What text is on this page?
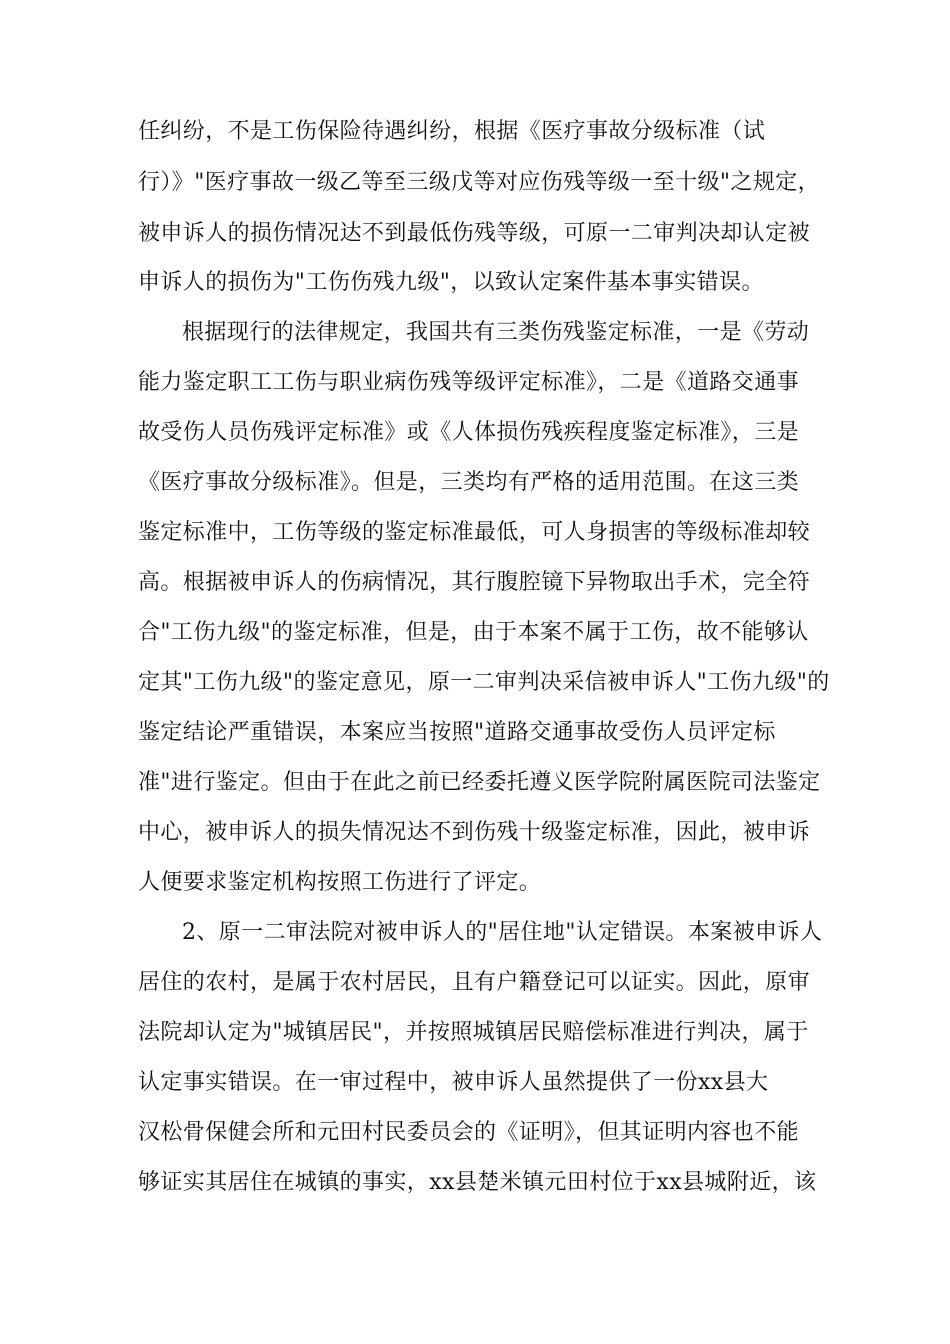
任纠纷，不是工伤保险待遇纠纷，根据《医疗事故分级标准（试
行）》"医疗事故一级乙等至三级戊等对应伤残等级一至十级"之规定，
被申诉人的损伤情况达不到最低伤残等级，可原一二审判决却认定被
申诉人的损伤为"工伤伤残九级"，以致认定案件基本事实错误。
根据现行的法律规定，我国共有三类伤残鉴定标准，一是《劳动
能力鉴定职工工伤与职业病伤残等级评定标准》，二是《道路交通事
故受伤人员伤残评定标准》或《人体损伤残疾程度鉴定标准》，三是
《医疗事故分级标准》。但是，三类均有严格的适用范围。在这三类
鉴定标准中，工伤等级的鉴定标准最低，可人身损害的等级标准却较
高。根据被申诉人的伤病情况，其行腹腔镜下异物取出手术，完全符
合"工伤九级"的鉴定标准，但是，由于本案不属于工伤，故不能够认
定其"工伤九级"的鉴定意见，原一二审判决采信被申诉人"工伤九级"的
鉴定结论严重错误，本案应当按照"道路交通事故受伤人员评定标
准"进行鉴定。但由于在此之前已经委托遵义医学院附属医院司法鉴定
中心，被申诉人的损失情况达不到伤残十级鉴定标准，因此，被申诉
人便要求鉴定机构按照工伤进行了评定。
2、原一二审法院对被申诉人的"居住地"认定错误。本案被申诉人
居住的农村，是属于农村居民，且有户籍登记可以证实。因此，原审
法院却认定为"城镇居民"，并按照城镇居民赔偿标准进行判决，属于
认定事实错误。在一审过程中，被申诉人虽然提供了一份xx县大
汉松骨保健会所和元田村民委员会的《证明》，但其证明内容也不能
够证实其居住在城镇的事实，xx县楚米镇元田村位于xx县城附近，该
